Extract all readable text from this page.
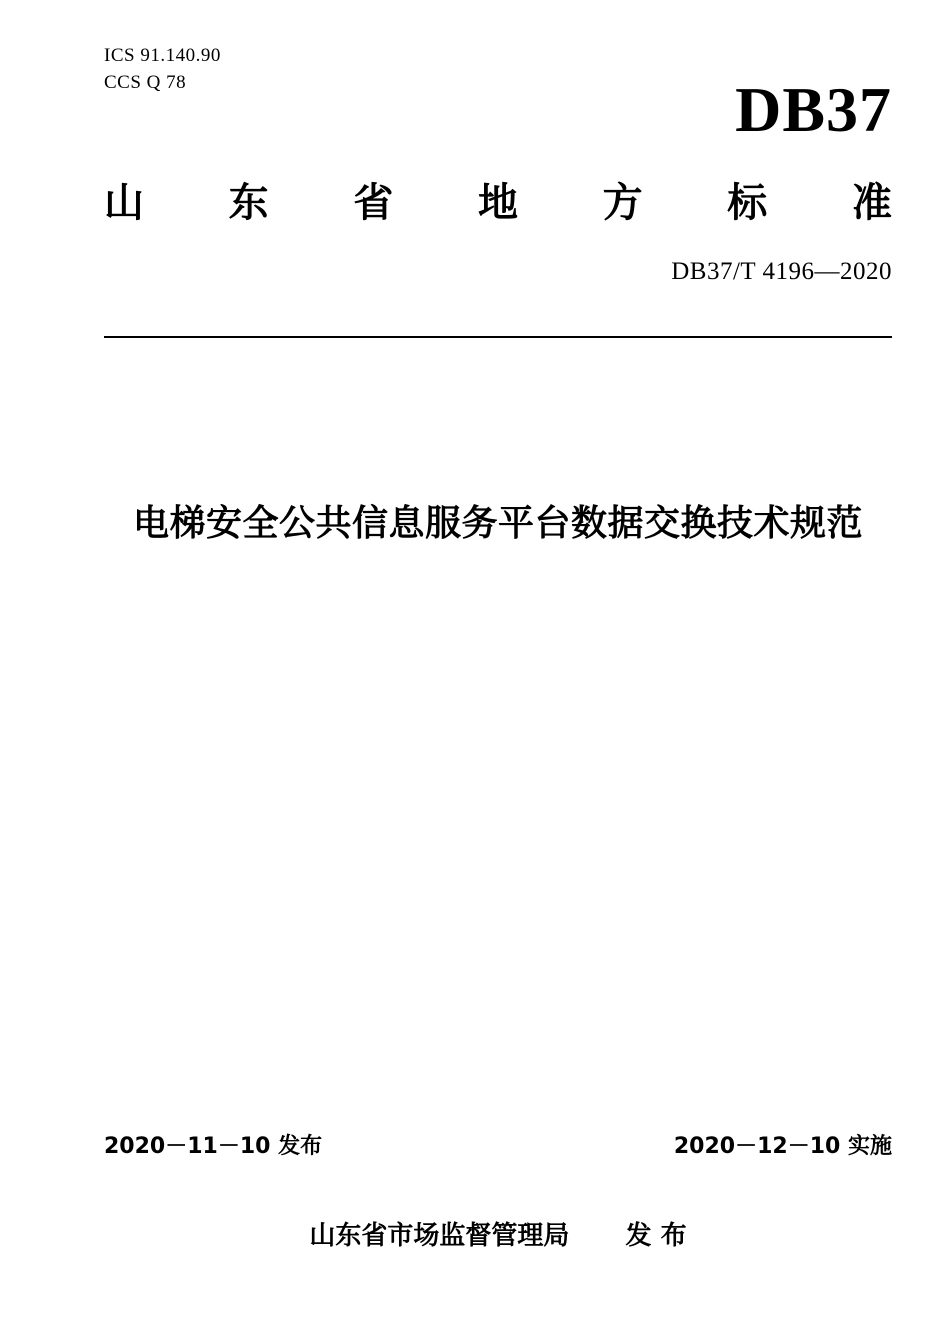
ICS 91.140.90
CCS Q 78	DB37
山 东 省 地 方 标 准
DB37/T 4196—2020
电梯安全公共信息服务平台数据交换技术规范
2020－11－10 发布	2020－12－10 实施
山东省市场监督管理局 发 布
